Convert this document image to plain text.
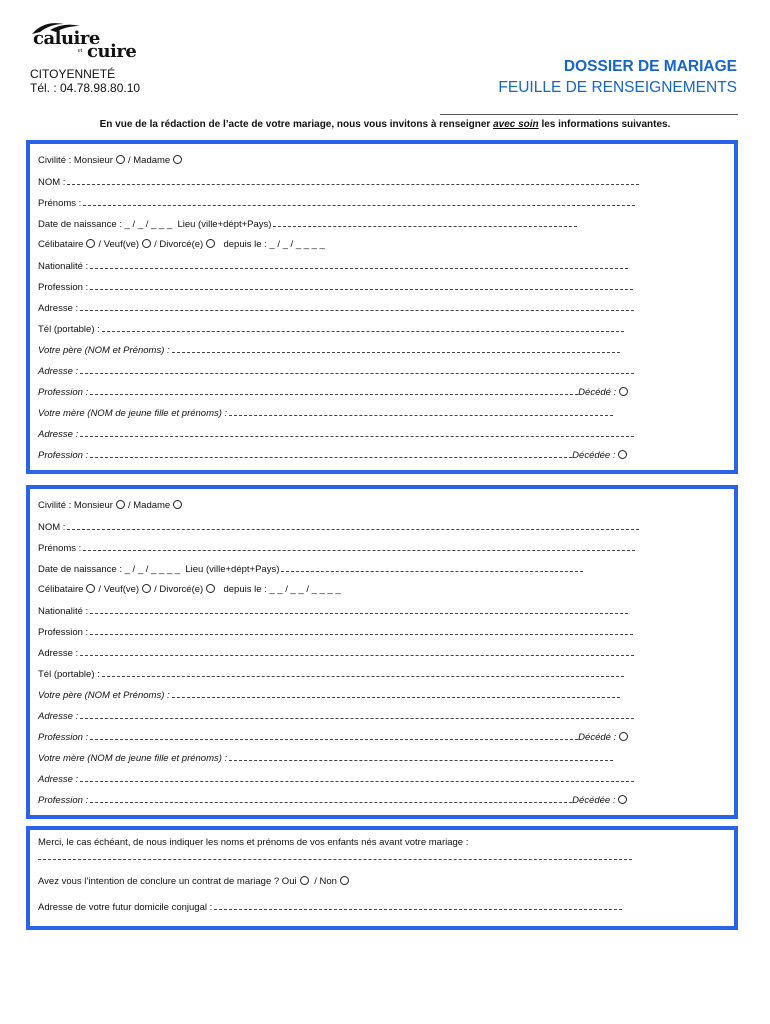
caluire
et cuire
CITOYENNETÉ
Tél. : 04.78.98.80.10
DOSSIER DE MARIAGE
FEUILLE DE RENSEIGNEMENTS
En vue de la rédaction de l’acte de votre mariage, nous vous invitons à renseigner avec soin les informations suivantes.
Civilité : Monsieur / Madame
NOM :
Prénoms :
Date de naissance : _ / _ / _ _ _ Lieu (ville+dépt+Pays)
Célibataire / Veuf(ve) / Divorcé(e) depuis le : _ / _ / _ _ _ _
Nationalité :
Profession :
Adresse :
Tél (portable) :
Votre père (NOM et Prénoms) :
Adresse :
Profession :	Décédé :
Votre mère (NOM de jeune fille et prénoms) :
Adresse :
Profession :	Décédée :
Civilité : Monsieur / Madame
NOM :
Prénoms :
Date de naissance : _ / _ / _ _ _ _ Lieu (ville+dépt+Pays)
Célibataire / Veuf(ve) / Divorcé(e) depuis le : _ _ / _ _ / _ _ _ _
Nationalité :
Profession :
Adresse :
Tél (portable) :
Votre père (NOM et Prénoms) :
Adresse :
Profession :	Décédé :
Votre mère (NOM de jeune fille et prénoms) :
Adresse :
Profession :	Décédée :
Merci, le cas échéant, de nous indiquer les noms et prénoms de vos enfants nés avant votre mariage :
Avez vous l’intention de conclure un contrat de mariage ? Oui / Non
Adresse de votre futur domicile conjugal :
